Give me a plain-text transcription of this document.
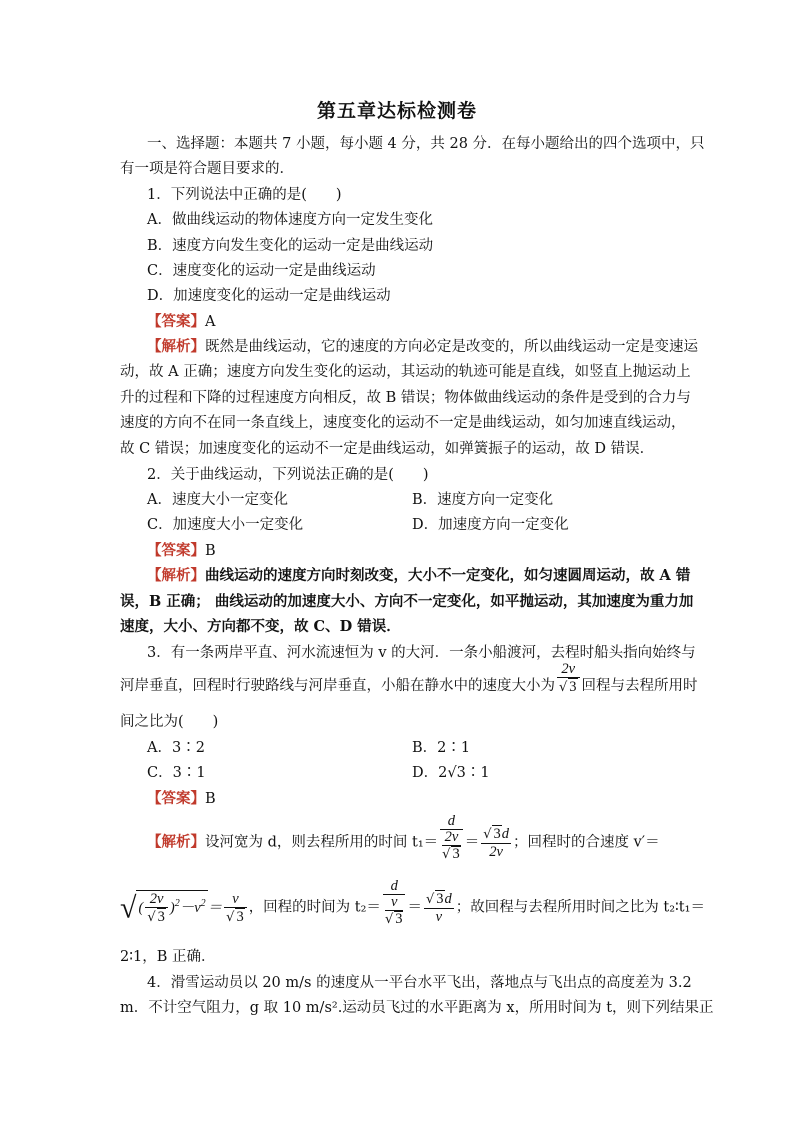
第五章达标检测卷
一、选择题：本题共 7 小题，每小题 4 分，共 28 分．在每小题给出的四个选项中，只
有一项是符合题目要求的．
1．下列说法中正确的是(　　)
A．做曲线运动的物体速度方向一定发生变化
B．速度方向发生变化的运动一定是曲线运动
C．速度变化的运动一定是曲线运动
D．加速度变化的运动一定是曲线运动
【答案】A
【解析】既然是曲线运动，它的速度的方向必定是改变的，所以曲线运动一定是变速运
动，故 A 正确；速度方向发生变化的运动，其运动的轨迹可能是直线，如竖直上抛运动上
升的过程和下降的过程速度方向相反，故 B 错误；物体做曲线运动的条件是受到的合力与
速度的方向不在同一条直线上，速度变化的运动不一定是曲线运动，如匀加速直线运动，
故 C 错误；加速度变化的运动不一定是曲线运动，如弹簧振子的运动，故 D 错误．
2．关于曲线运动，下列说法正确的是(　　)
A．速度大小一定变化	B．速度方向一定变化
C．加速度大小一定变化	D．加速度方向一定变化
【答案】B
【解析】曲线运动的速度方向时刻改变，大小不一定变化，如匀速圆周运动，故 A 错
误，B 正确； 曲线运动的加速度大小、方向不一定变化，如平抛运动，其加速度为重力加
速度，大小、方向都不变，故 C、D 错误．
3．有一条两岸平直、河水流速恒为 v 的大河．一条小船渡河，去程时船头指向始终与
河岸垂直，回程时行驶路线与河岸垂直，小船在静水中的速度大小为 $\frac{2v}{√ 3}$ 回程与去程所用时
间之比为(　　)
A．3∶2	B．2∶1
C．3∶1	D．2√3∶1
【答案】B
【解析】设河宽为 d，则去程所用的时间 t₁＝ d
2v
√ $3 = \frac{√ 3d}{2v}$ ；回程时的合速度 v′＝
√ ( $\frac{2v}{√ 3} )^2-v^2 = \frac{v}{√ 3}$ ，回程的时间为 t₂＝ d
v
√ $3 = \frac{√ 3d}{v}$ ；故回程与去程所用时间之比为 t₂∶t₁＝
2∶1，B 正确．
4．滑雪运动员以 20 m/s 的速度从一平台水平飞出，落地点与飞出点的高度差为 3.2
m．不计空气阻力，g 取 10 m/s².运动员飞过的水平距离为 x，所用时间为 t，则下列结果正
